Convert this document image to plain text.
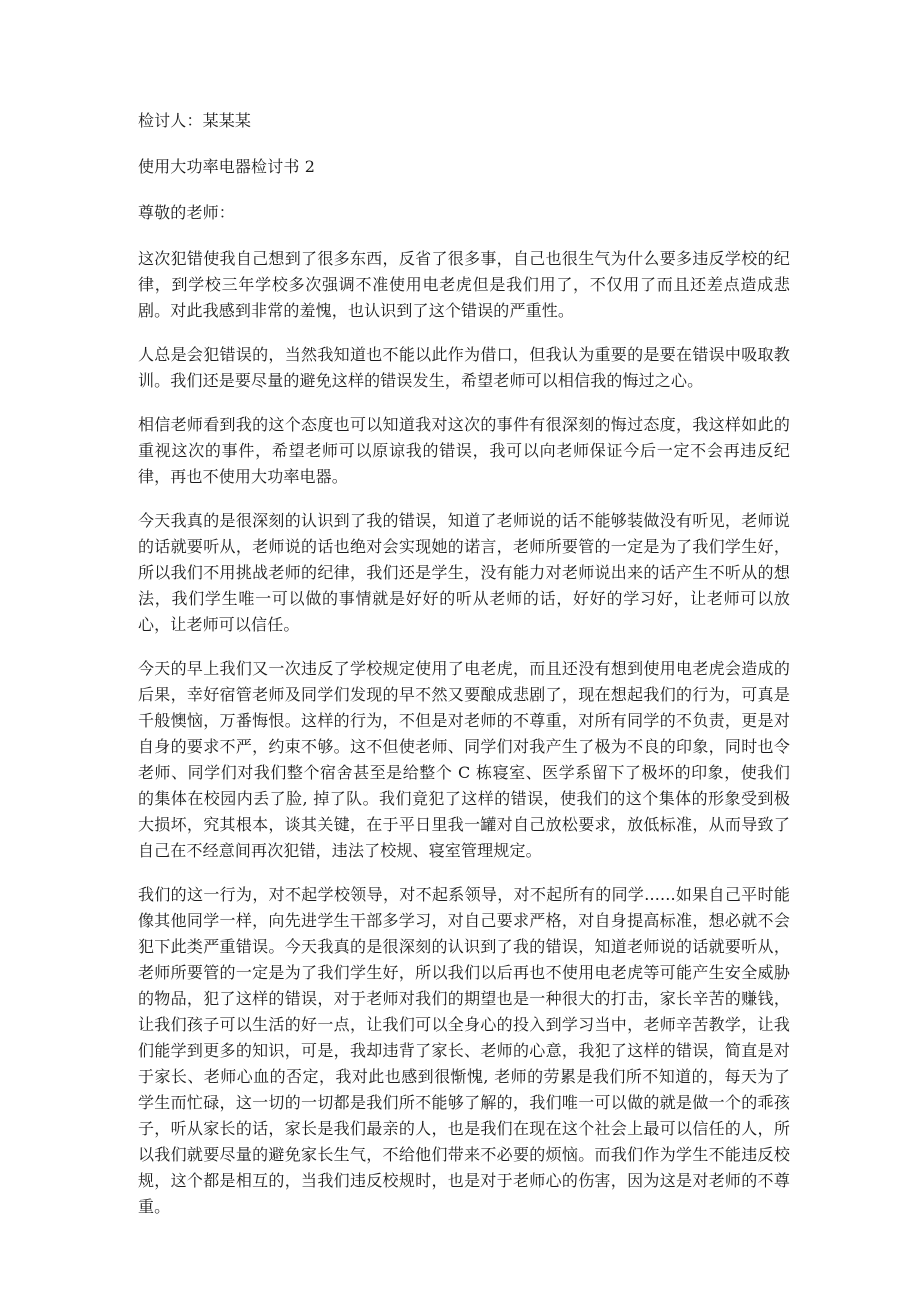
检讨人：某某某

使用大功率电器检讨书 2

尊敬的老师：

这次犯错使我自己想到了很多东西，反省了很多事，自己也很生气为什么要多违反学校的纪律，到学校三年学校多次强调不准使用电老虎但是我们用了，不仅用了而且还差点造成悲剧。对此我感到非常的羞愧，也认识到了这个错误的严重性。

人总是会犯错误的，当然我知道也不能以此作为借口，但我认为重要的是要在错误中吸取教训。我们还是要尽量的避免这样的错误发生，希望老师可以相信我的悔过之心。

相信老师看到我的这个态度也可以知道我对这次的事件有很深刻的悔过态度，我这样如此的重视这次的事件，希望老师可以原谅我的错误，我可以向老师保证今后一定不会再违反纪律，再也不使用大功率电器。

今天我真的是很深刻的认识到了我的错误，知道了老师说的话不能够装做没有听见，老师说的话就要听从，老师说的话也绝对会实现她的诺言，老师所要管的一定是为了我们学生好，所以我们不用挑战老师的纪律，我们还是学生，没有能力对老师说出来的话产生不听从的想法，我们学生唯一可以做的事情就是好好的听从老师的话，好好的学习好，让老师可以放心，让老师可以信任。

今天的早上我们又一次违反了学校规定使用了电老虎，而且还没有想到使用电老虎会造成的后果，幸好宿管老师及同学们发现的早不然又要酿成悲剧了，现在想起我们的行为，可真是千般懊恼，万番悔恨。这样的行为，不但是对老师的不尊重，对所有同学的不负责，更是对自身的要求不严，约束不够。这不但使老师、同学们对我产生了极为不良的印象，同时也令老师、同学们对我们整个宿舍甚至是给整个 C 栋寝室、医学系留下了极坏的印象，使我们的集体在校园内丢了脸, 掉了队。我们竟犯了这样的错误，使我们的这个集体的形象受到极大损坏，究其根本，谈其关键，在于平日里我一罐对自己放松要求，放低标准，从而导致了自己在不经意间再次犯错，违法了校规、寝室管理规定。

我们的这一行为，对不起学校领导，对不起系领导，对不起所有的同学......如果自己平时能像其他同学一样，向先进学生干部多学习，对自己要求严格，对自身提高标准，想必就不会犯下此类严重错误。今天我真的是很深刻的认识到了我的错误，知道老师说的话就要听从，老师所要管的一定是为了我们学生好，所以我们以后再也不使用电老虎等可能产生安全威胁的物品，犯了这样的错误，对于老师对我们的期望也是一种很大的打击，家长辛苦的赚钱，让我们孩子可以生活的好一点，让我们可以全身心的投入到学习当中，老师辛苦教学，让我们能学到更多的知识，可是，我却违背了家长、老师的心意，我犯了这样的错误，简直是对于家长、老师心血的否定，我对此也感到很惭愧, 老师的劳累是我们所不知道的，每天为了学生而忙碌，这一切的一切都是我们所不能够了解的，我们唯一可以做的就是做一个的乖孩子，听从家长的话，家长是我们最亲的人，也是我们在现在这个社会上最可以信任的人，所以我们就要尽量的避免家长生气，不给他们带来不必要的烦恼。而我们作为学生不能违反校规，这个都是相互的，当我们违反校规时，也是对于老师心的伤害，因为这是对老师的不尊重。
